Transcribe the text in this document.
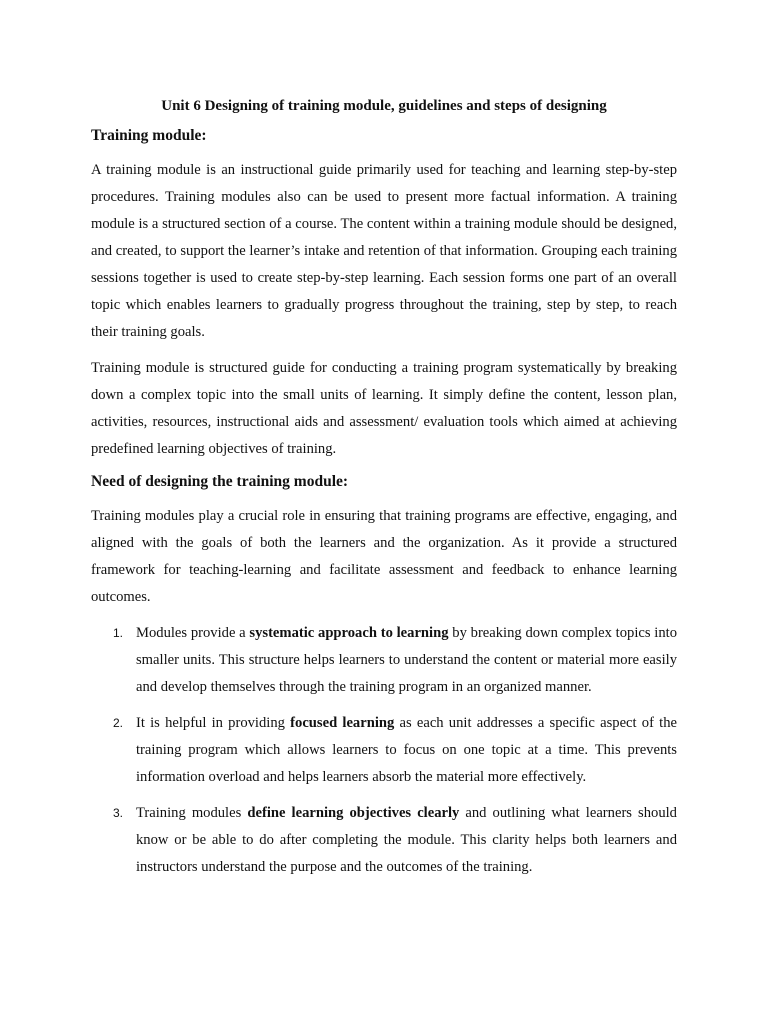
Unit 6 Designing of training module, guidelines and steps of designing
Training module:

A training module is an instructional guide primarily used for teaching and learning step-by-step procedures. Training modules also can be used to present more factual information. A training module is a structured section of a course. The content within a training module should be designed, and created, to support the learner’s intake and retention of that information. Grouping each training sessions together is used to create step-by-step learning. Each session forms one part of an overall topic which enables learners to gradually progress throughout the training, step by step, to reach their training goals.

Training module is structured guide for conducting a training program systematically by breaking down a complex topic into the small units of learning. It simply define the content, lesson plan, activities, resources, instructional aids and assessment/ evaluation tools which aimed at achieving predefined learning objectives of training.

Need of designing the training module:

Training modules play a crucial role in ensuring that training programs are effective, engaging, and aligned with the goals of both the learners and the organization. As it provide a structured framework for teaching-learning and facilitate assessment and feedback to enhance learning outcomes.

1. Modules provide a systematic approach to learning by breaking down complex topics into smaller units. This structure helps learners to understand the content or material more easily and develop themselves through the training program in an organized manner.
2. It is helpful in providing focused learning as each unit addresses a specific aspect of the training program which allows learners to focus on one topic at a time. This prevents information overload and helps learners absorb the material more effectively.
3. Training modules define learning objectives clearly and outlining what learners should know or be able to do after completing the module. This clarity helps both learners and instructors understand the purpose and the outcomes of the training.
